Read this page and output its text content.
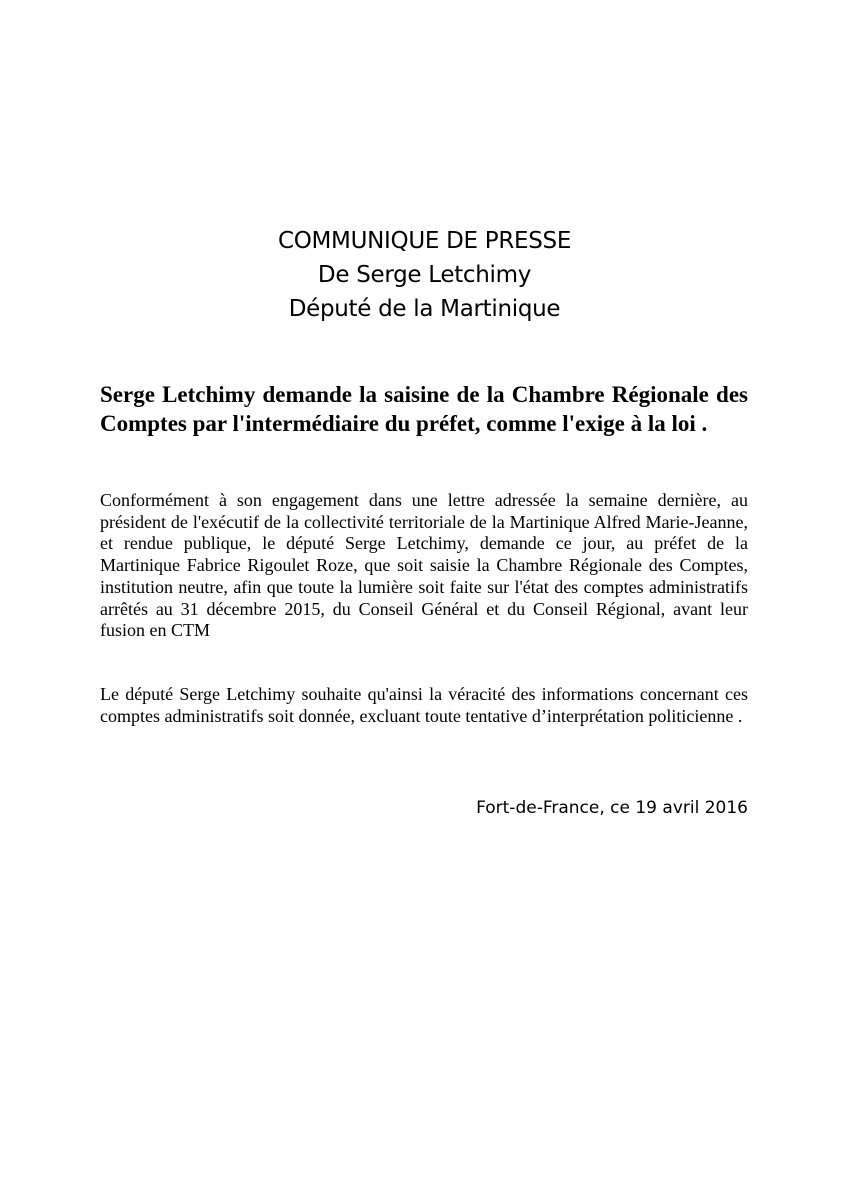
COMMUNIQUE DE PRESSE
De Serge Letchimy
Député de la Martinique
Serge Letchimy demande la saisine de la Chambre Régionale des Comptes par l'intermédiaire du préfet, comme l'exige à la loi .
Conformément à son engagement dans une lettre adressée la semaine dernière, au président de l'exécutif de la collectivité territoriale de la Martinique Alfred Marie-Jeanne, et rendue publique, le député Serge Letchimy, demande ce jour, au préfet de la Martinique Fabrice Rigoulet Roze, que soit saisie la Chambre Régionale des Comptes, institution neutre, afin que toute la lumière soit faite sur l'état des comptes administratifs arrêtés au 31 décembre 2015, du Conseil Général et du Conseil Régional, avant leur fusion en CTM
Le député Serge Letchimy souhaite qu'ainsi la véracité des informations concernant ces comptes administratifs soit donnée, excluant toute tentative d’interprétation politicienne .
Fort-de-France, ce 19 avril 2016
